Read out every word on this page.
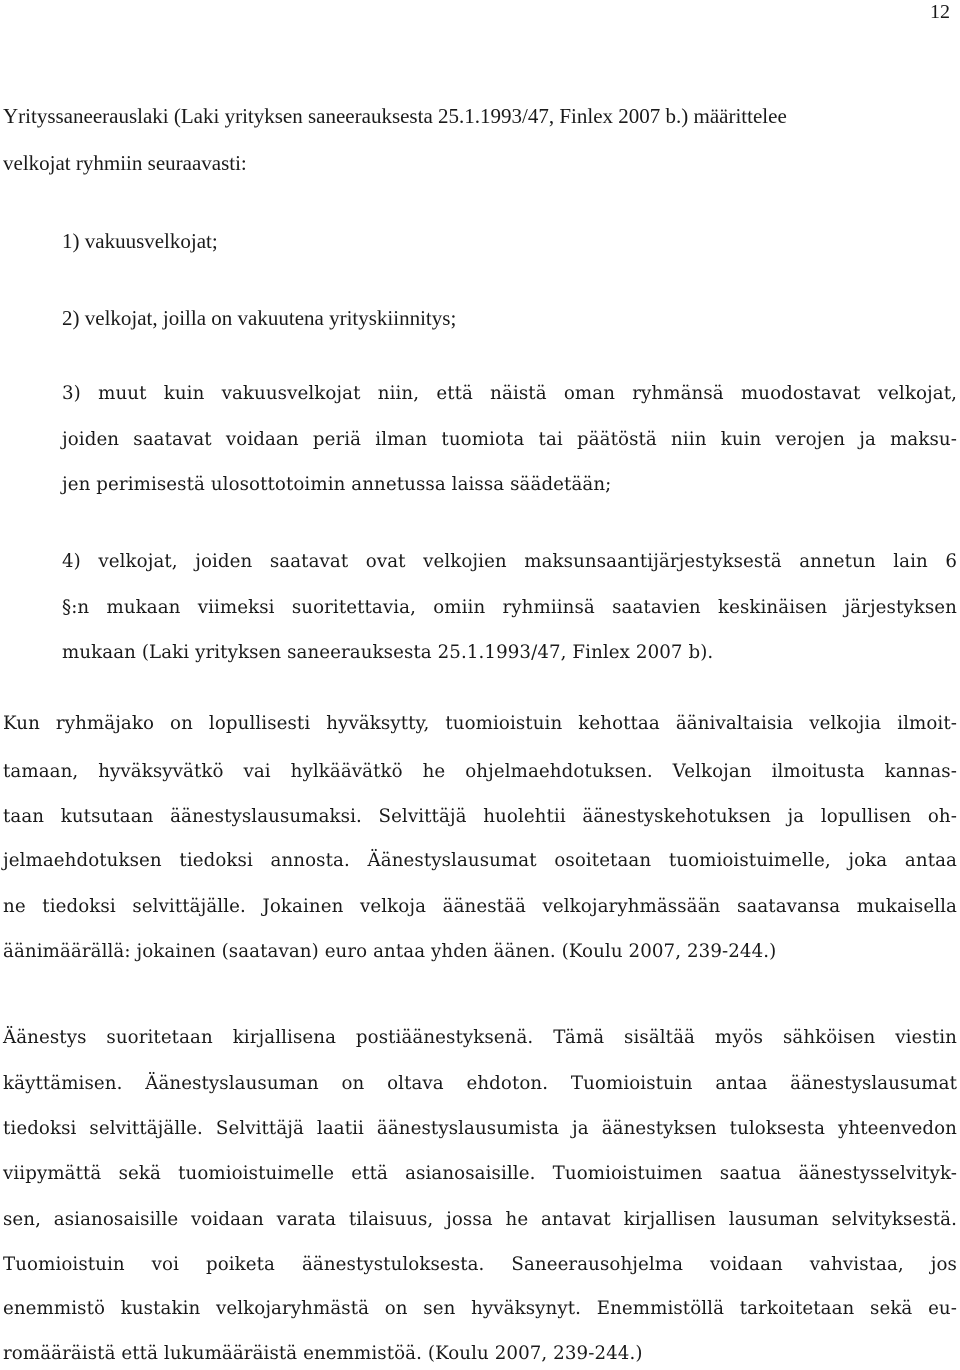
12
Yrityssaneerauslaki (Laki yrityksen saneerauksesta 25.1.1993/47, Finlex 2007 b.) määrittelee
velkojat ryhmiin seuraavasti:
1) vakuusvelkojat;
2) velkojat, joilla on vakuutena yrityskiinnitys;
3) muut kuin vakuusvelkojat niin, että näistä oman ryhmänsä muodostavat velkojat,
joiden saatavat voidaan periä ilman tuomiota tai päätöstä niin kuin verojen ja maksu-
jen perimisestä ulosottotoimin annetussa laissa säädetään;
4) velkojat, joiden saatavat ovat velkojien maksunsaantijärjestyksestä annetun lain 6
§:n mukaan viimeksi suoritettavia, omiin ryhmiinsä saatavien keskinäisen järjestyksen
mukaan (Laki yrityksen saneerauksesta 25.1.1993/47, Finlex 2007 b).
Kun ryhmäjako on lopullisesti hyväksytty, tuomioistuin kehottaa äänivaltaisia velkojia ilmoit-
tamaan, hyväksyvätkö vai hylkäävätkö he ohjelmaehdotuksen. Velkojan ilmoitusta kannas-
taan kutsutaan äänestyslausumaksi. Selvittäjä huolehtii äänestyskehotuksen ja lopullisen oh-
jelmaehdotuksen tiedoksi annosta. Äänestyslausumat osoitetaan tuomioistuimelle, joka antaa
ne tiedoksi selvittäjälle. Jokainen velkoja äänestää velkojaryhmässään saatavansa mukaisella
äänimäärällä: jokainen (saatavan) euro antaa yhden äänen. (Koulu 2007, 239-244.)
Äänestys suoritetaan kirjallisena postiäänestyksenä. Tämä sisältää myös sähköisen viestin
käyttämisen. Äänestyslausuman on oltava ehdoton. Tuomioistuin antaa äänestyslausumat
tiedoksi selvittäjälle. Selvittäjä laatii äänestyslausumista ja äänestyksen tuloksesta yhteenvedon
viipymättä sekä tuomioistuimelle että asianosaisille. Tuomioistuimen saatua äänestysselvityk-
sen, asianosaisille voidaan varata tilaisuus, jossa he antavat kirjallisen lausuman selvityksestä.
Tuomioistuin voi poiketa äänestystuloksesta. Saneerausohjelma voidaan vahvistaa, jos
enemmistö kustakin velkojaryhmästä on sen hyväksynyt. Enemmistöllä tarkoitetaan sekä eu-
romääräistä että lukumääräistä enemmistöä. (Koulu 2007, 239-244.)
